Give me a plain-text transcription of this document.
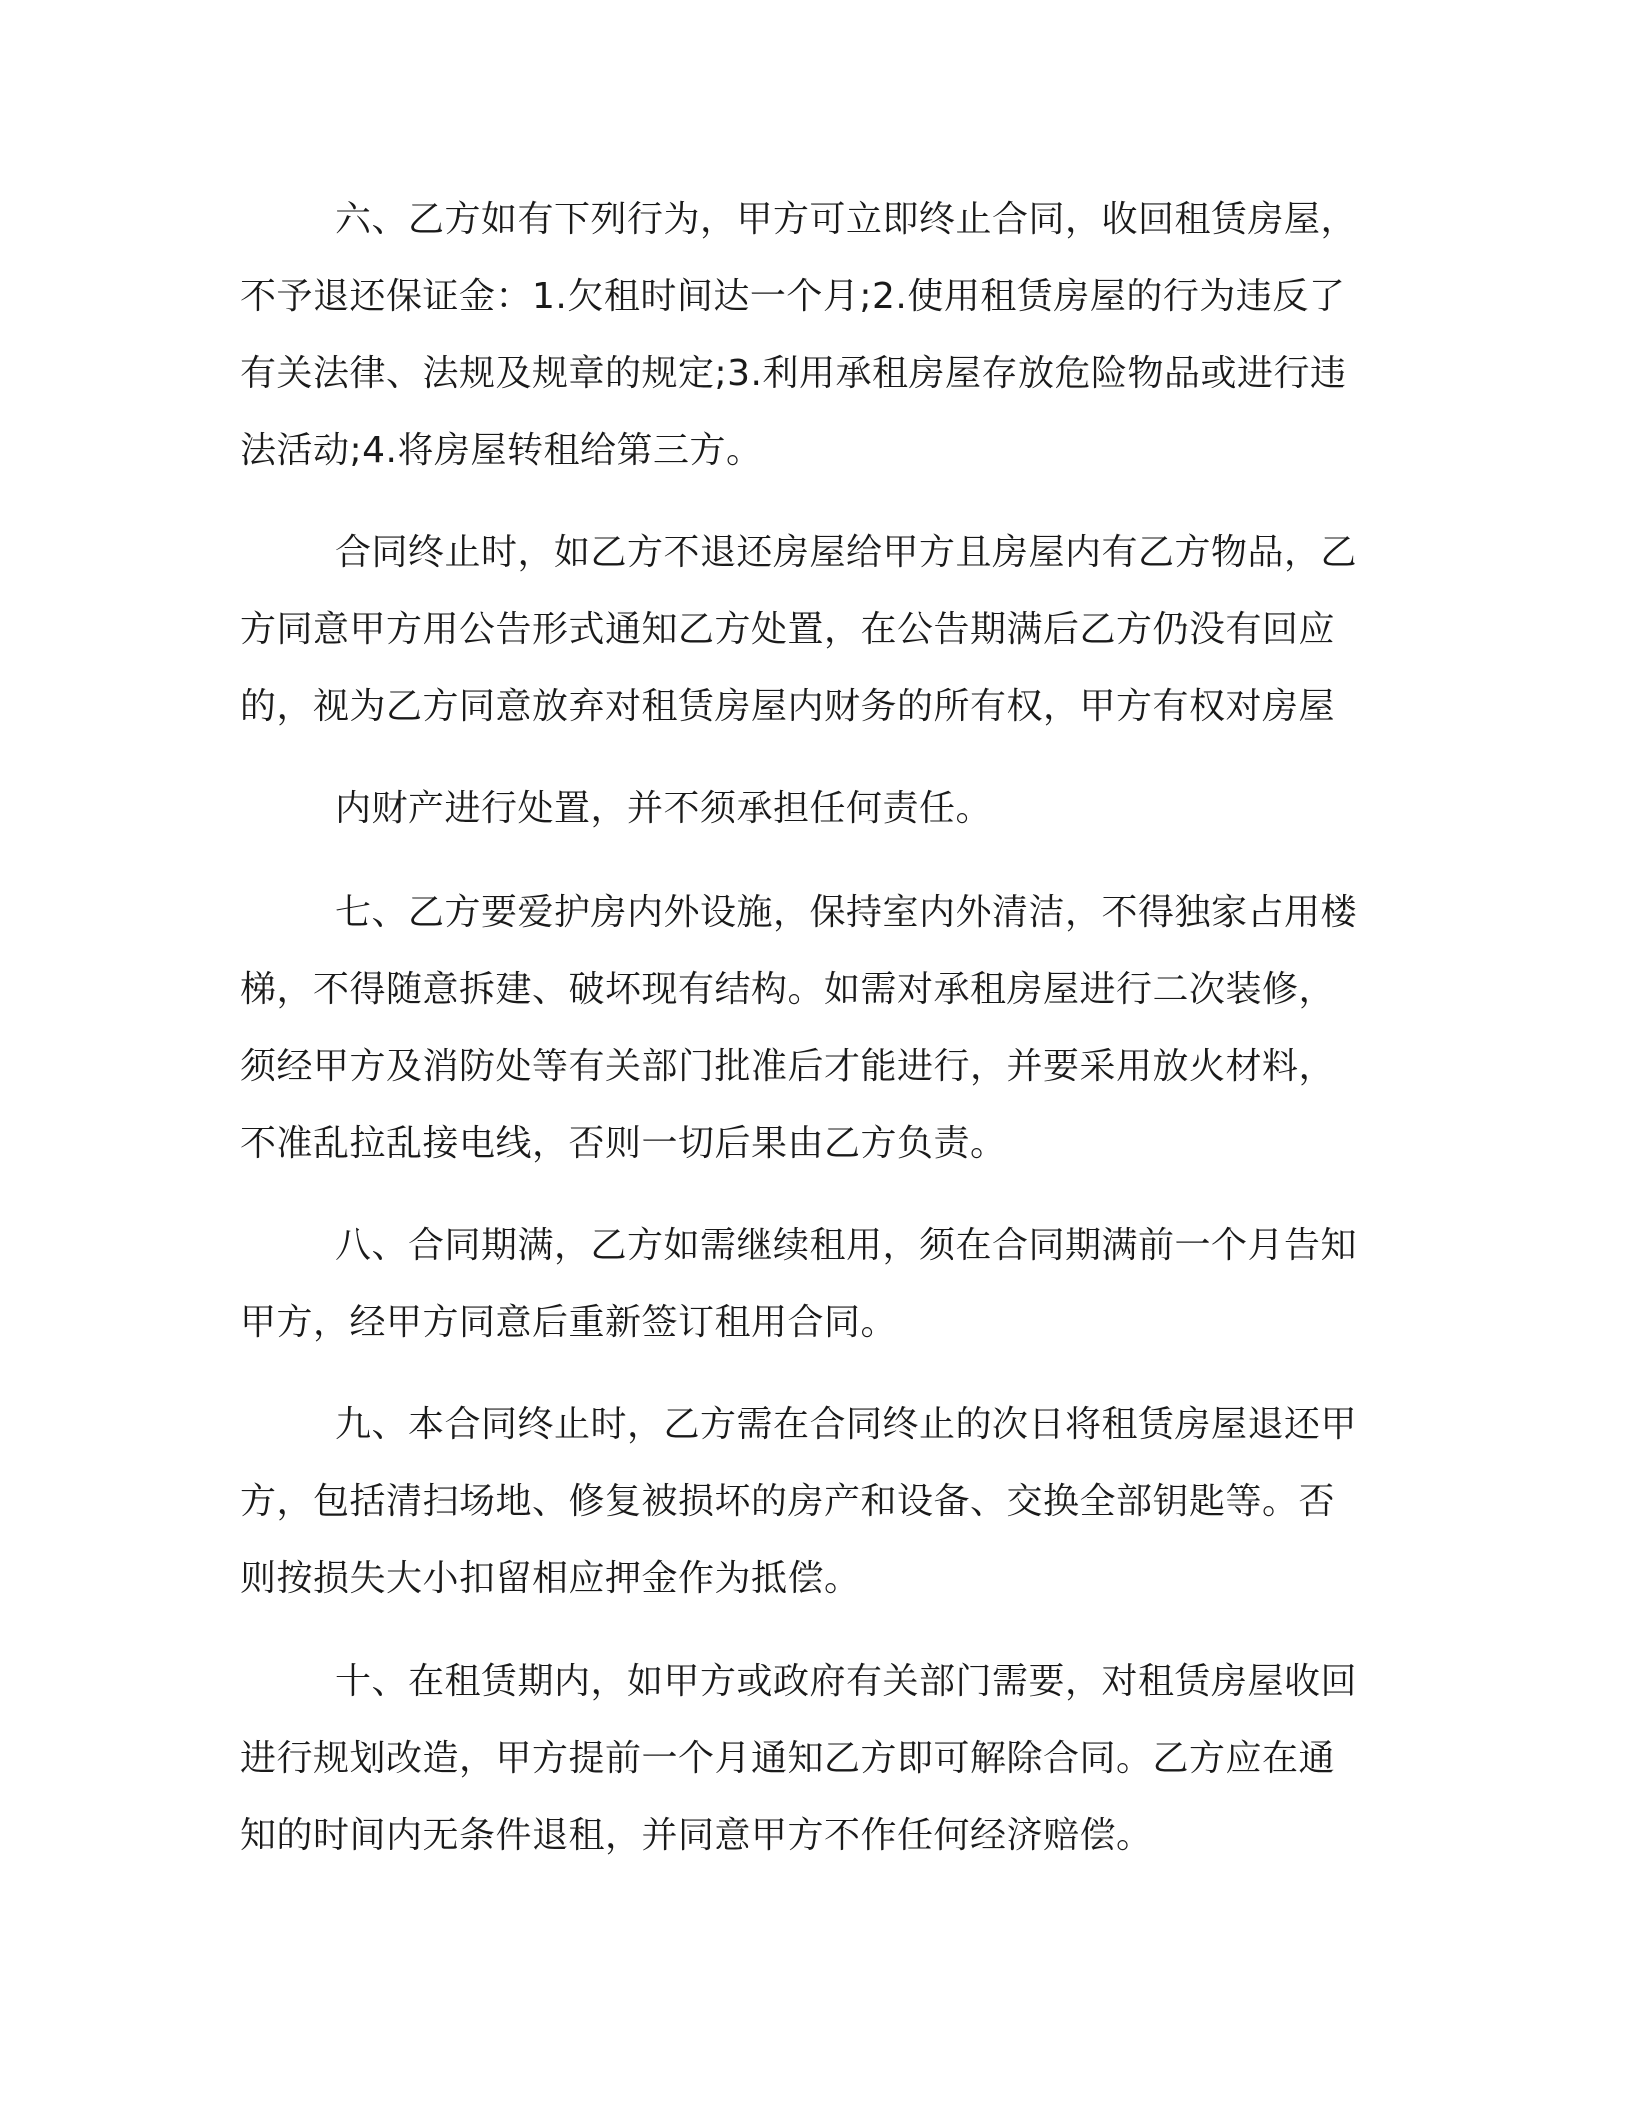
六、乙方如有下列行为，甲方可立即终止合同，收回租赁房屋，
不予退还保证金：1.欠租时间达一个月;2.使用租赁房屋的行为违反了
有关法律、法规及规章的规定;3.利用承租房屋存放危险物品或进行违
法活动;4.将房屋转租给第三方。
合同终止时，如乙方不退还房屋给甲方且房屋内有乙方物品，乙
方同意甲方用公告形式通知乙方处置，在公告期满后乙方仍没有回应
的，视为乙方同意放弃对租赁房屋内财务的所有权，甲方有权对房屋
内财产进行处置，并不须承担任何责任。
七、乙方要爱护房内外设施，保持室内外清洁，不得独家占用楼
梯，不得随意拆建、破坏现有结构。如需对承租房屋进行二次装修，
须经甲方及消防处等有关部门批准后才能进行，并要采用放火材料，
不准乱拉乱接电线，否则一切后果由乙方负责。
八、合同期满，乙方如需继续租用，须在合同期满前一个月告知
甲方，经甲方同意后重新签订租用合同。
九、本合同终止时，乙方需在合同终止的次日将租赁房屋退还甲
方，包括清扫场地、修复被损坏的房产和设备、交换全部钥匙等。否
则按损失大小扣留相应押金作为抵偿。
十、在租赁期内，如甲方或政府有关部门需要，对租赁房屋收回
进行规划改造，甲方提前一个月通知乙方即可解除合同。乙方应在通
知的时间内无条件退租，并同意甲方不作任何经济赔偿。
